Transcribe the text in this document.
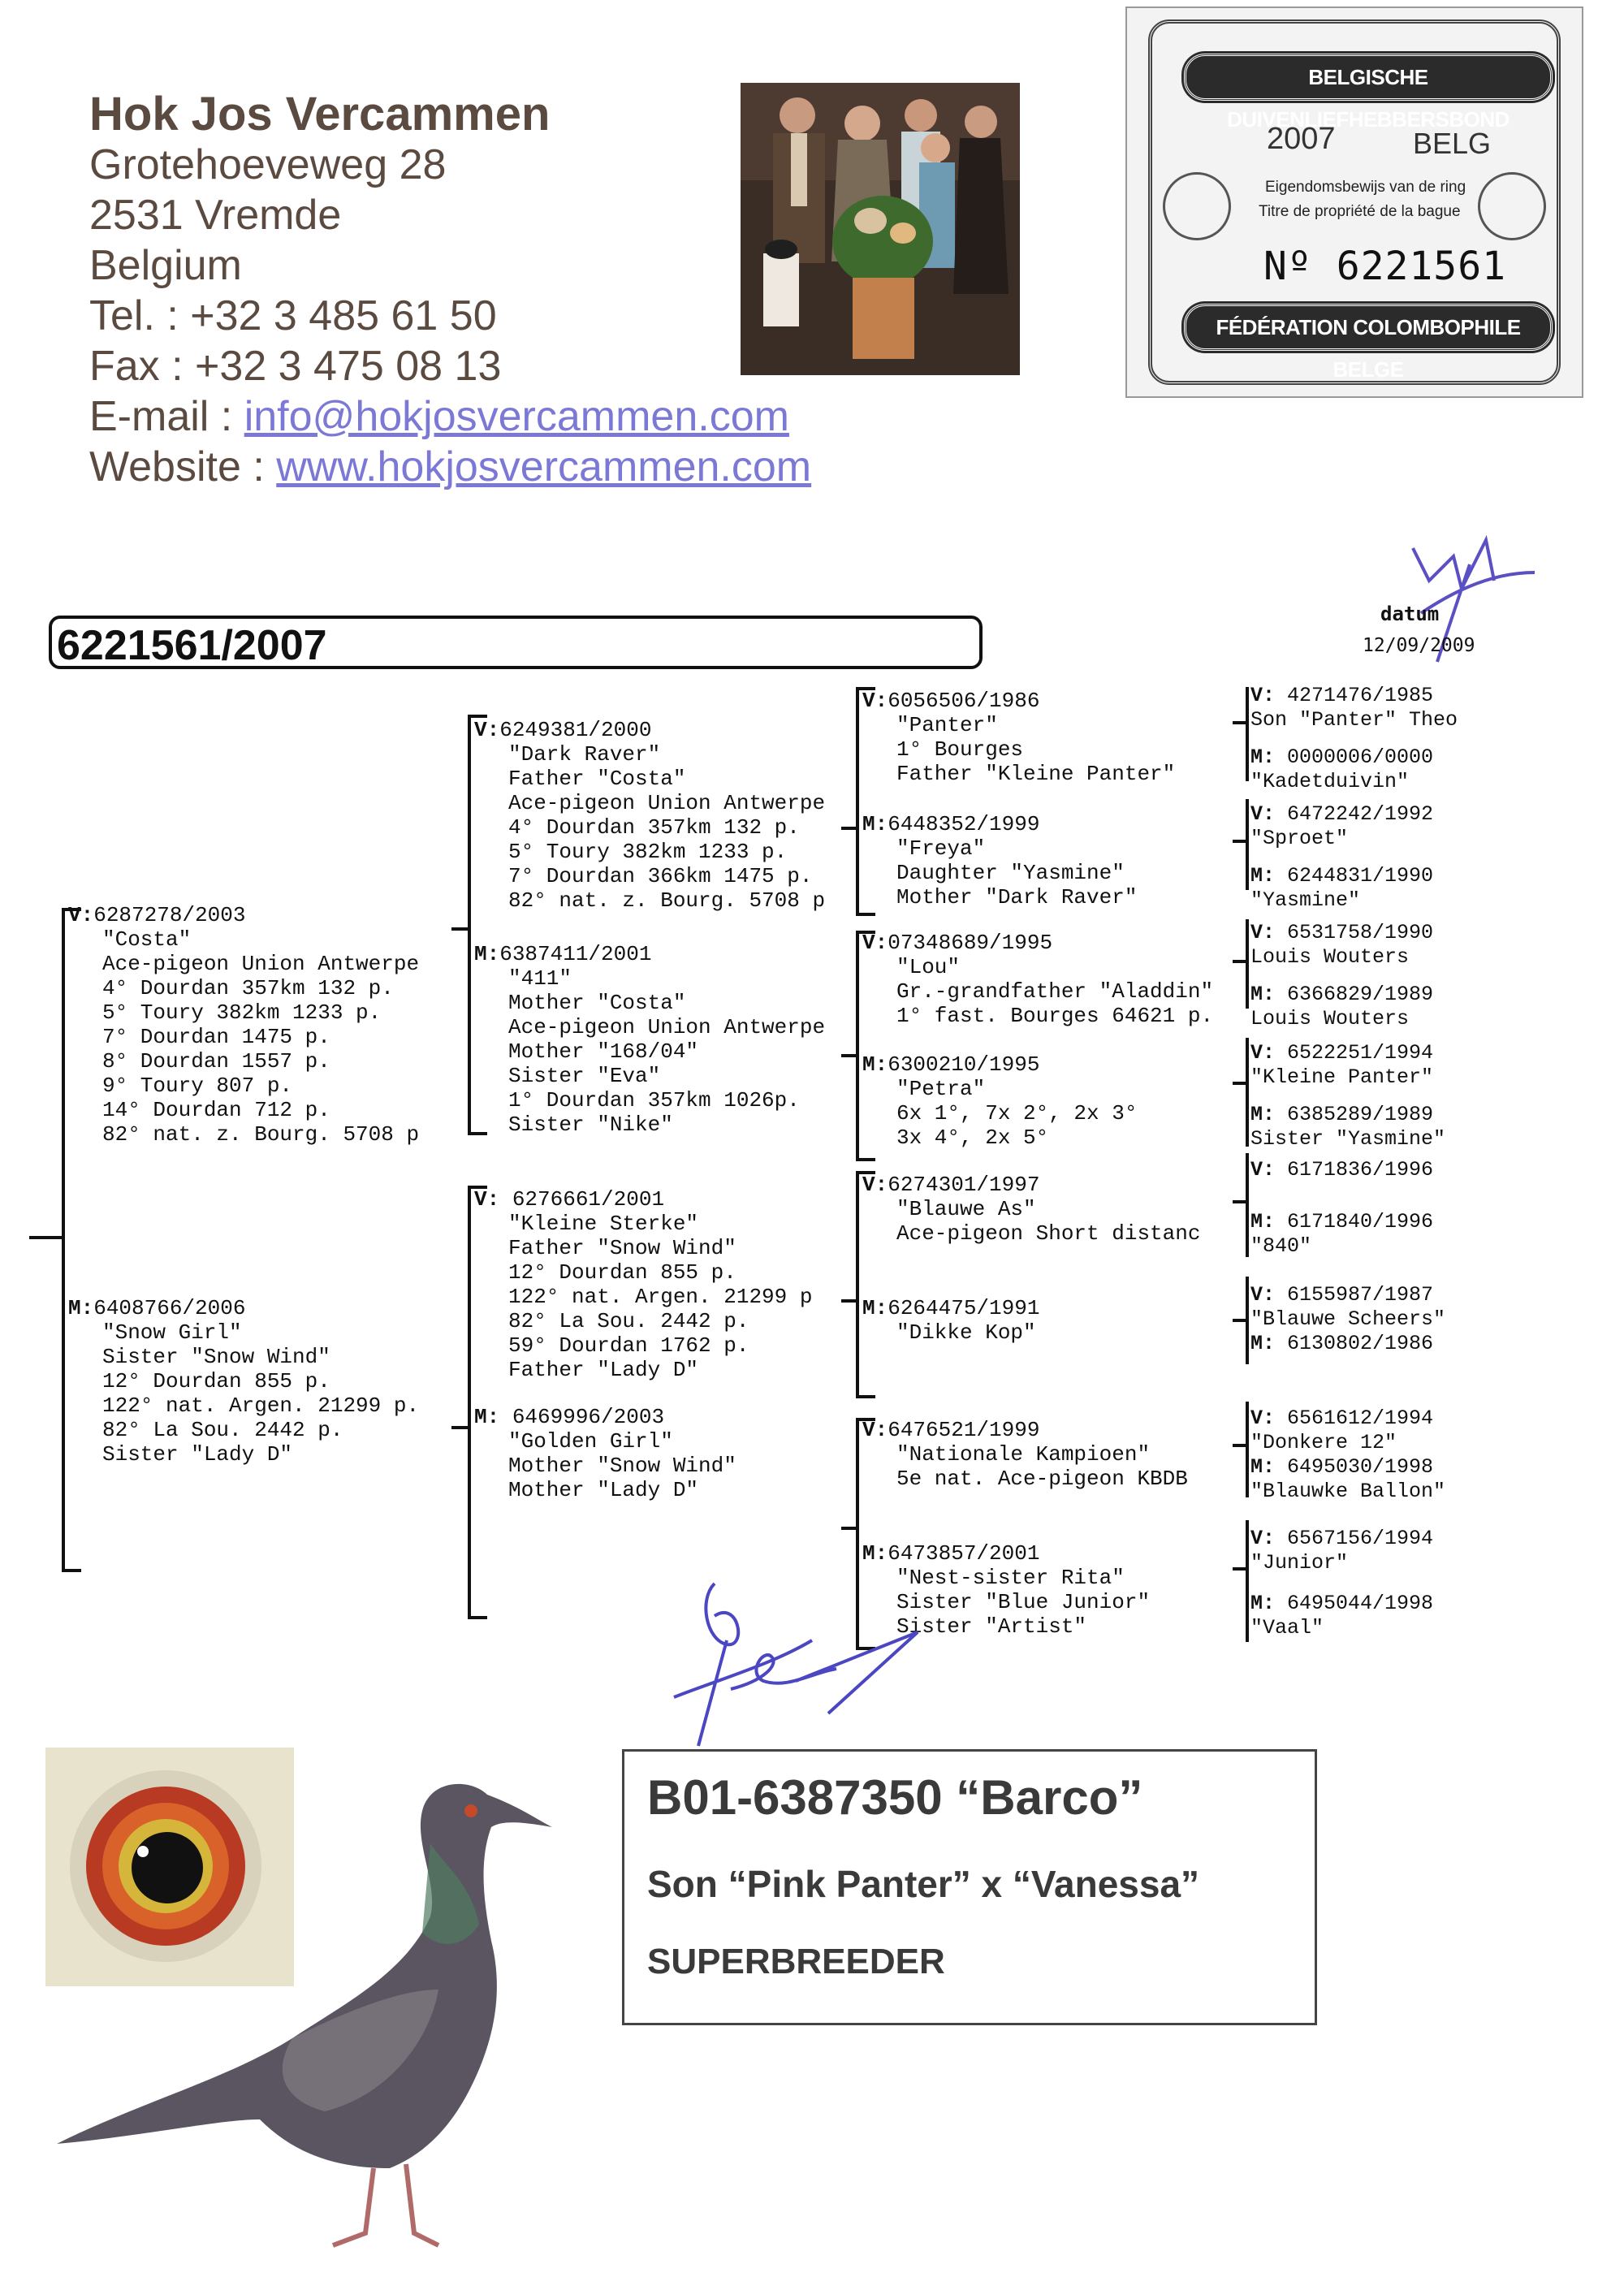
Hok Jos Vercammen
Grotehoeveweg 28
2531 Vremde
Belgium
Tel. : +32 3 485 61 50
Fax : +32 3 475 08 13
E-mail : info@hokjosvercammen.com
Website : www.hokjosvercammen.com
BELGISCHE DUIVENLIEFHEBBERSBOND
2007	BELG
Eigendomsbewijs van de ring
Titre de propriété de la bague
Nº 6221561
FÉDÉRATION COLOMBOPHILE BELGE
6221561/2007
datum
12/09/2009
V:6287278/2003
"Costa"
Ace-pigeon Union Antwerpe
4° Dourdan 357km 132 p.
5° Toury 382km 1233 p.
7° Dourdan 1475 p.
8° Dourdan 1557 p.
9° Toury 807 p.
14° Dourdan 712 p.
82° nat. z. Bourg. 5708 p
M:6408766/2006
"Snow Girl"
Sister "Snow Wind"
12° Dourdan 855 p.
122° nat. Argen. 21299 p.
82° La Sou. 2442 p.
Sister "Lady D"
V:6249381/2000
"Dark Raver"
Father "Costa"
Ace-pigeon Union Antwerpe
4° Dourdan 357km 132 p.
5° Toury 382km 1233 p.
7° Dourdan 366km 1475 p.
82° nat. z. Bourg. 5708 p
M:6387411/2001
"411"
Mother "Costa"
Ace-pigeon Union Antwerpe
Mother "168/04"
Sister "Eva"
1° Dourdan 357km 1026p.
Sister "Nike"
V: 6276661/2001
"Kleine Sterke"
Father "Snow Wind"
12° Dourdan 855 p.
122° nat. Argen. 21299 p
82° La Sou. 2442 p.
59° Dourdan 1762 p.
Father "Lady D"
M: 6469996/2003
"Golden Girl"
Mother "Snow Wind"
Mother "Lady D"
V:6056506/1986
"Panter"
1° Bourges
Father "Kleine Panter"
M:6448352/1999
"Freya"
Daughter "Yasmine"
Mother "Dark Raver"
V:07348689/1995
"Lou"
Gr.-grandfather "Aladdin"
1° fast. Bourges 64621 p.
M:6300210/1995
"Petra"
6x 1°, 7x 2°, 2x 3°
3x 4°, 2x 5°
V:6274301/1997
"Blauwe As"
Ace-pigeon Short distanc
M:6264475/1991
"Dikke Kop"
V:6476521/1999
"Nationale Kampioen"
5e nat. Ace-pigeon KBDB
M:6473857/2001
"Nest-sister Rita"
Sister "Blue Junior"
Sister "Artist"
V: 4271476/1985
Son "Panter" Theo
M: 0000006/0000
"Kadetduivin"
V: 6472242/1992
"Sproet"
M: 6244831/1990
"Yasmine"
V: 6531758/1990
Louis Wouters
M: 6366829/1989
Louis Wouters
V: 6522251/1994
"Kleine Panter"
M: 6385289/1989
Sister "Yasmine"
V: 6171836/1996
M: 6171840/1996
"840"
V: 6155987/1987
"Blauwe Scheers"
M: 6130802/1986
V: 6561612/1994
"Donkere 12"
M: 6495030/1998
"Blauwke Ballon"
V: 6567156/1994
"Junior"
M: 6495044/1998
"Vaal"
B01-6387350 “Barco”
Son “Pink Panter” x “Vanessa”
SUPERBREEDER
